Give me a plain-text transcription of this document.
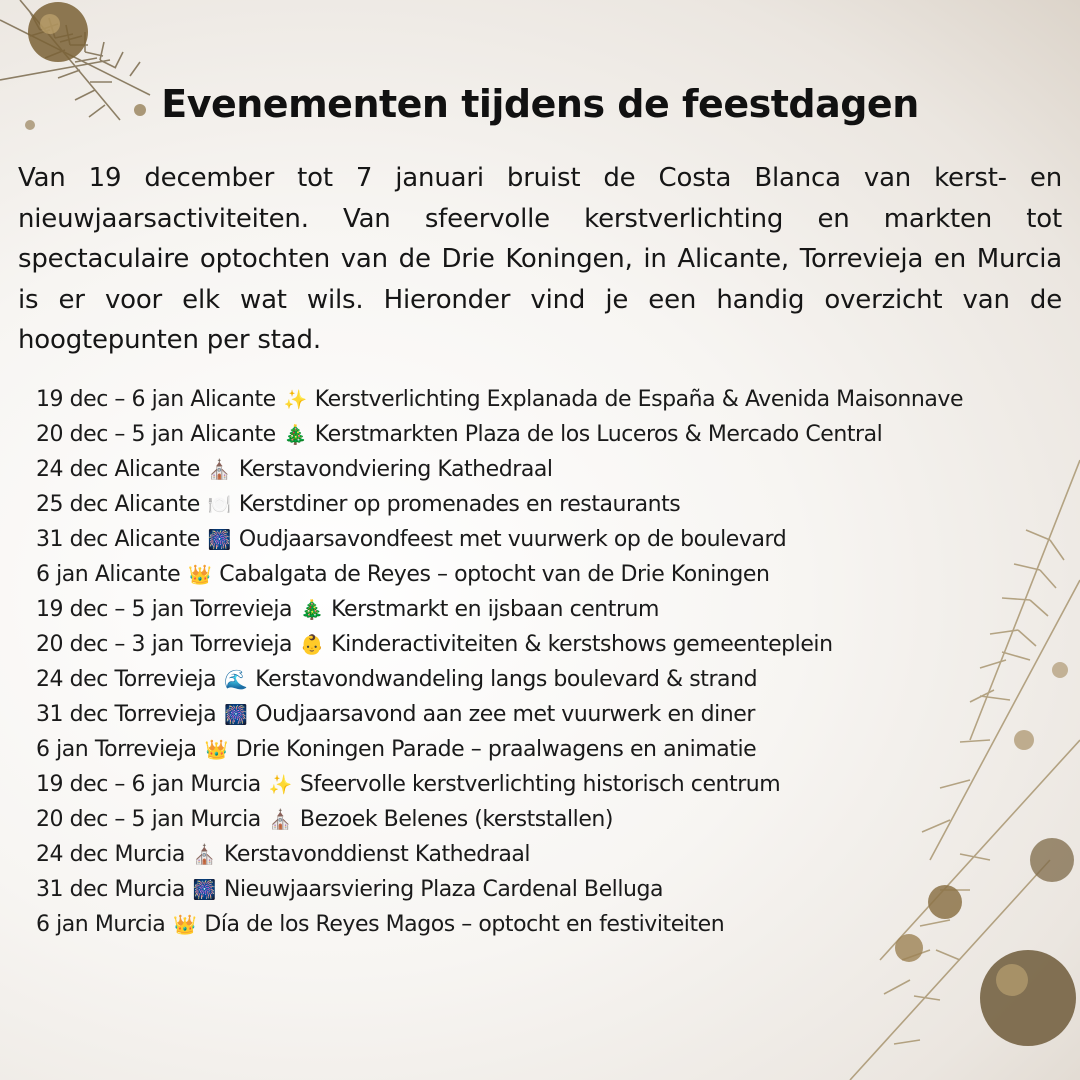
Evenementen tijdens de feestdagen
Van 19 december tot 7 januari bruist de Costa Blanca van kerst- en nieuwjaarsactiviteiten. Van sfeervolle kerstverlichting en markten tot spectaculaire optochten van de Drie Koningen, in Alicante, Torrevieja en Murcia is er voor elk wat wils. Hieronder vind je een handig overzicht van de hoogtepunten per stad.
19 dec – 6 jan Alicante ✨ Kerstverlichting Explanada de España & Avenida Maisonnave
20 dec – 5 jan Alicante 🎄 Kerstmarkten Plaza de los Luceros & Mercado Central
24 dec Alicante ⛪ Kerstavondviering Kathedraal
25 dec Alicante 🍽️ Kerstdiner op promenades en restaurants
31 dec Alicante 🎆 Oudjaarsavondfeest met vuurwerk op de boulevard
6 jan Alicante 👑 Cabalgata de Reyes – optocht van de Drie Koningen
19 dec – 5 jan Torrevieja 🎄 Kerstmarkt en ijsbaan centrum
20 dec – 3 jan Torrevieja 👶 Kinderactiviteiten & kerstshows gemeenteplein
24 dec Torrevieja 🌊 Kerstavondwandeling langs boulevard & strand
31 dec Torrevieja 🎆 Oudjaarsavond aan zee met vuurwerk en diner
6 jan Torrevieja 👑 Drie Koningen Parade – praalwagens en animatie
19 dec – 6 jan Murcia ✨ Sfeervolle kerstverlichting historisch centrum
20 dec – 5 jan Murcia ⛪ Bezoek Belenes (kerststallen)
24 dec Murcia ⛪ Kerstavonddienst Kathedraal
31 dec Murcia 🎆 Nieuwjaarsviering Plaza Cardenal Belluga
6 jan Murcia 👑 Día de los Reyes Magos – optocht en festiviteiten
